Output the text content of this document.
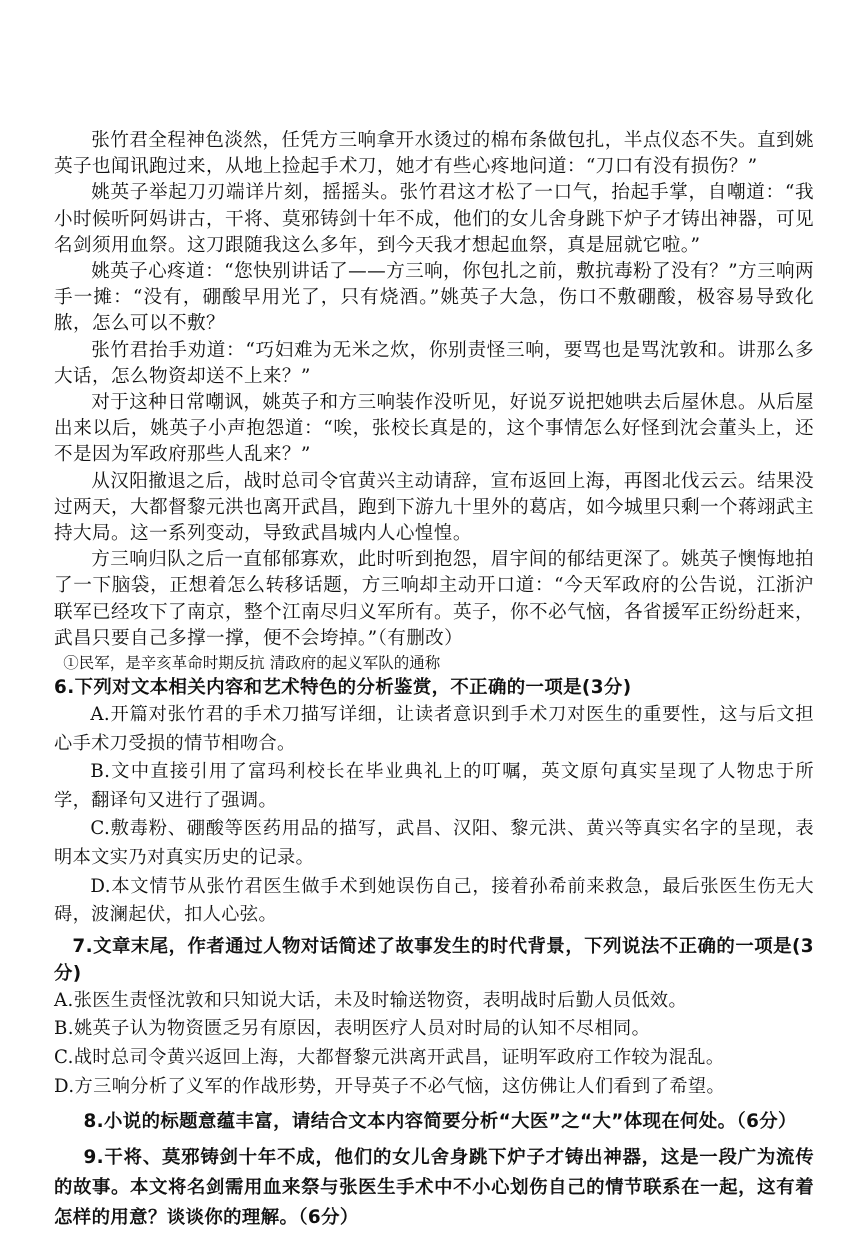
张竹君全程神色淡然，任凭方三响拿开水烫过的棉布条做包扎，半点仪态不失。直到姚英子也闻讯跑过来，从地上捡起手术刀，她才有些心疼地问道：“刀口有没有损伤？”

姚英子举起刀刃端详片刻，摇摇头。张竹君这才松了一口气，抬起手掌，自嘲道：“我小时候听阿妈讲古，干将、莫邪铸剑十年不成，他们的女儿舍身跳下炉子才铸出神器，可见名剑须用血祭。这刀跟随我这么多年，到今天我才想起血祭，真是屈就它啦。”

姚英子心疼道：“您快别讲话了——方三响，你包扎之前，敷抗毒粉了没有？”方三响两手一摊：“没有，硼酸早用光了，只有烧酒。”姚英子大急，伤口不敷硼酸，极容易导致化脓，怎么可以不敷？

张竹君抬手劝道：“巧妇难为无米之炊，你别责怪三响，要骂也是骂沈敦和。讲那么多大话，怎么物资却送不上来？”

对于这种日常嘲讽，姚英子和方三响装作没听见，好说歹说把她哄去后屋休息。从后屋出来以后，姚英子小声抱怨道：“唉，张校长真是的，这个事情怎么好怪到沈会董头上，还不是因为军政府那些人乱来？”

从汉阳撤退之后，战时总司令官黄兴主动请辞，宣布返回上海，再图北伐云云。结果没过两天，大都督黎元洪也离开武昌，跑到下游九十里外的葛店，如今城里只剩一个蒋翊武主持大局。这一系列变动，导致武昌城内人心惶惶。

方三响归队之后一直郁郁寡欢，此时听到抱怨，眉宇间的郁结更深了。姚英子懊悔地拍了一下脑袋，正想着怎么转移话题，方三响却主动开口道：“今天军政府的公告说，江浙沪联军已经攻下了南京，整个江南尽归义军所有。英子，你不必气恼，各省援军正纷纷赶来，武昌只要自己多撑一撑，便不会垮掉。”（有删改）

①民军，是辛亥革命时期反抗 清政府的起义军队的通称

6.下列对文本相关内容和艺术特色的分析鉴赏，不正确的一项是(3分)

A.开篇对张竹君的手术刀描写详细，让读者意识到手术刀对医生的重要性，这与后文担心手术刀受损的情节相吻合。

B.文中直接引用了富玛利校长在毕业典礼上的叮嘱，英文原句真实呈现了人物忠于所学，翻译句又进行了强调。

C.敷毒粉、硼酸等医药用品的描写，武昌、汉阳、黎元洪、黄兴等真实名字的呈现，表明本文实乃对真实历史的记录。

D.本文情节从张竹君医生做手术到她误伤自己，接着孙希前来救急，最后张医生伤无大碍，波澜起伏，扣人心弦。

7.文章末尾，作者通过人物对话简述了故事发生的时代背景，下列说法不正确的一项是(3分)

A.张医生责怪沈敦和只知说大话，未及时输送物资，表明战时后勤人员低效。

B.姚英子认为物资匮乏另有原因，表明医疗人员对时局的认知不尽相同。

C.战时总司令黄兴返回上海，大都督黎元洪离开武昌，证明军政府工作较为混乱。

D.方三响分析了义军的作战形势，开导英子不必气恼，这仿佛让人们看到了希望。

8.小说的标题意蕴丰富，请结合文本内容简要分析“大医”之“大”体现在何处。（6分）

9.干将、莫邪铸剑十年不成，他们的女儿舍身跳下炉子才铸出神器，这是一段广为流传的故事。本文将名剑需用血来祭与张医生手术中不小心划伤自己的情节联系在一起，这有着怎样的用意？谈谈你的理解。（6分）
